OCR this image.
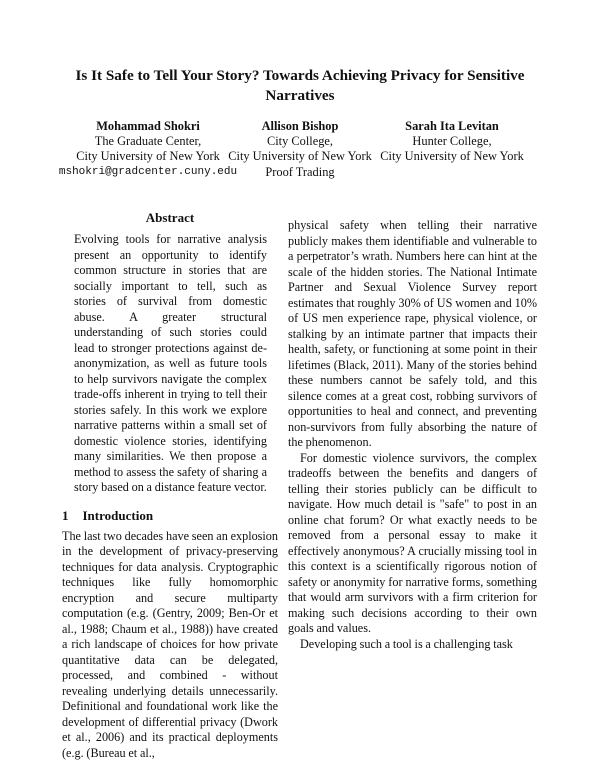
Is It Safe to Tell Your Story? Towards Achieving Privacy for Sensitive Narratives
Mohammad Shokri
The Graduate Center,
City University of New York
mshokri@gradcenter.cuny.edu
Allison Bishop
City College,
City University of New York
Proof Trading
Sarah Ita Levitan
Hunter College,
City University of New York
Abstract

Evolving tools for narrative analysis present an opportunity to identify common structure in stories that are socially important to tell, such as stories of survival from domestic abuse. A greater structural understanding of such stories could lead to stronger protections against de-anonymization, as well as future tools to help survivors navigate the complex trade-offs inherent in trying to tell their stories safely. In this work we explore narrative patterns within a small set of domestic violence stories, identifying many similarities. We then propose a method to assess the safety of sharing a story based on a distance feature vector.

1 Introduction

The last two decades have seen an explosion in the development of privacy-preserving techniques for data analysis. Cryptographic techniques like fully homomorphic encryption and secure multiparty computation (e.g. (Gentry, 2009; Ben-Or et al., 1988; Chaum et al., 1988)) have created a rich landscape of choices for how private quantitative data can be delegated, processed, and combined - without revealing underlying details unnecessarily. Definitional and foundational work like the development of differential privacy (Dwork et al., 2006) and its practical deployments (e.g. (Bureau et al.,

physical safety when telling their narrative publicly makes them identifiable and vulnerable to a perpetrator’s wrath. Numbers here can hint at the scale of the hidden stories. The National Intimate Partner and Sexual Violence Survey report estimates that roughly 30% of US women and 10% of US men experience rape, physical violence, or stalking by an intimate partner that impacts their health, safety, or functioning at some point in their lifetimes (Black, 2011). Many of the stories behind these numbers cannot be safely told, and this silence comes at a great cost, robbing survivors of opportunities to heal and connect, and preventing non-survivors from fully absorbing the nature of the phenomenon.

For domestic violence survivors, the complex tradeoffs between the benefits and dangers of telling their stories publicly can be difficult to navigate. How much detail is "safe" to post in an online chat forum? Or what exactly needs to be removed from a personal essay to make it effectively anonymous? A crucially missing tool in this context is a scientifically rigorous notion of safety or anonymity for narrative forms, something that would arm survivors with a firm criterion for making such decisions according to their own goals and values.

Developing such a tool is a challenging task
